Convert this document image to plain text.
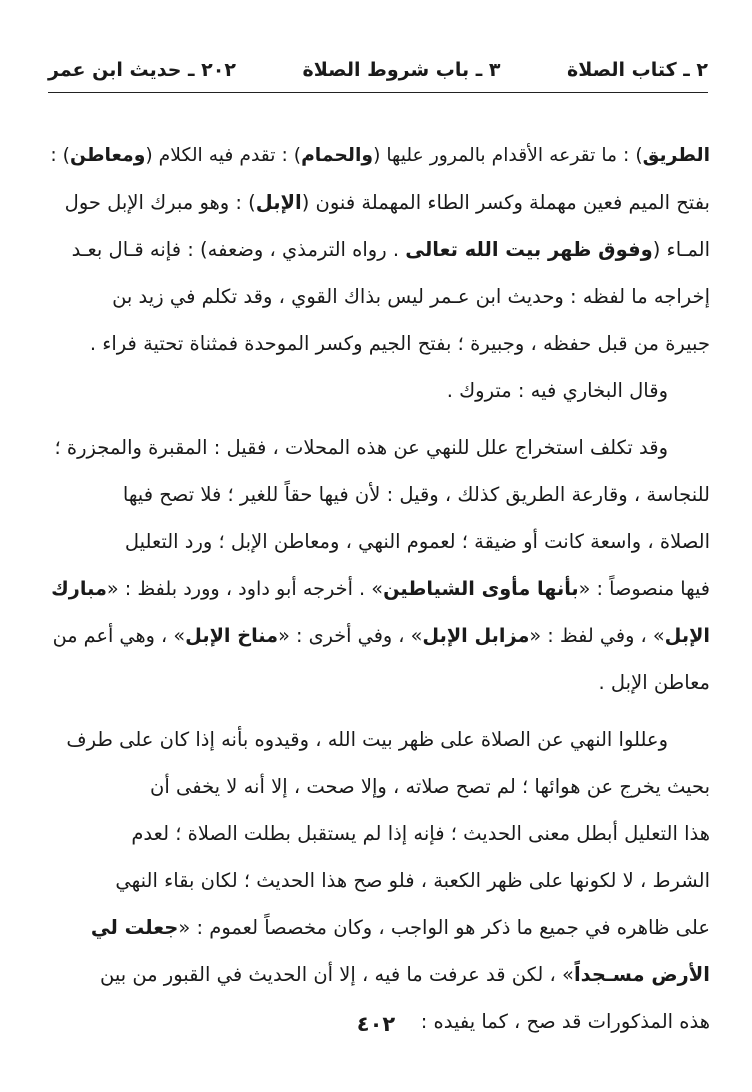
٢ ـ كتاب الصلاة
٣ ـ باب شروط الصلاة
٢٠٢ ـ حديث ابن عمر
الطريق) : ما تقرعه الأقدام بالمرور عليها (والحمام) : تقدم فيه الكلام (ومعاطن) :
بفتح الميم فعين مهملة وكسر الطاء المهملة فنون (الإبل) : وهو مبرك الإبل حول
المـاء (وفوق ظهر بيت الله تعالى . رواه الترمذي ، وضعفه) : فإنه قـال بعـد
إخراجه ما لفظه : وحديث ابن عـمر ليس بذاك القوي ، وقد تكلم في زيد بن
جبيرة من قبل حفظه ، وجبيرة ؛ بفتح الجيم وكسر الموحدة فمثناة تحتية فراء .
وقال البخاري فيه : متروك .
وقد تكلف استخراج علل للنهي عن هذه المحلات ، فقيل : المقبرة والمجزرة ؛
للنجاسة ، وقارعة الطريق كذلك ، وقيل : لأن فيها حقاً للغير ؛ فلا تصح فيها
الصلاة ، واسعة كانت أو ضيقة ؛ لعموم النهي ، ومعاطن الإبل ؛ ورد التعليل
فيها منصوصاً : «بأنها مأوى الشياطين» . أخرجه أبو داود ، وورد بلفظ : «مبارك
الإبل» ، وفي لفظ : «مزابل الإبل» ، وفي أخرى : «مناخ الإبل» ، وهي أعم من
معاطن الإبل .
وعللوا النهي عن الصلاة على ظهر بيت الله ، وقيدوه بأنه إذا كان على طرف
بحيث يخرج عن هوائها ؛ لم تصح صلاته ، وإلا صحت ، إلا أنه لا يخفى أن
هذا التعليل أبطل معنى الحديث ؛ فإنه إذا لم يستقبل بطلت الصلاة ؛ لعدم
الشرط ، لا لكونها على ظهر الكعبة ، فلو صح هذا الحديث ؛ لكان بقاء النهي
على ظاهره في جميع ما ذكر هو الواجب ، وكان مخصصاً لعموم : «جعلت لي
الأرض مسـجداً» ، لكن قد عرفت ما فيه ، إلا أن الحديث في القبور من بين
هذه المذكورات قد صح ، كما يفيده :
٤٠٢
